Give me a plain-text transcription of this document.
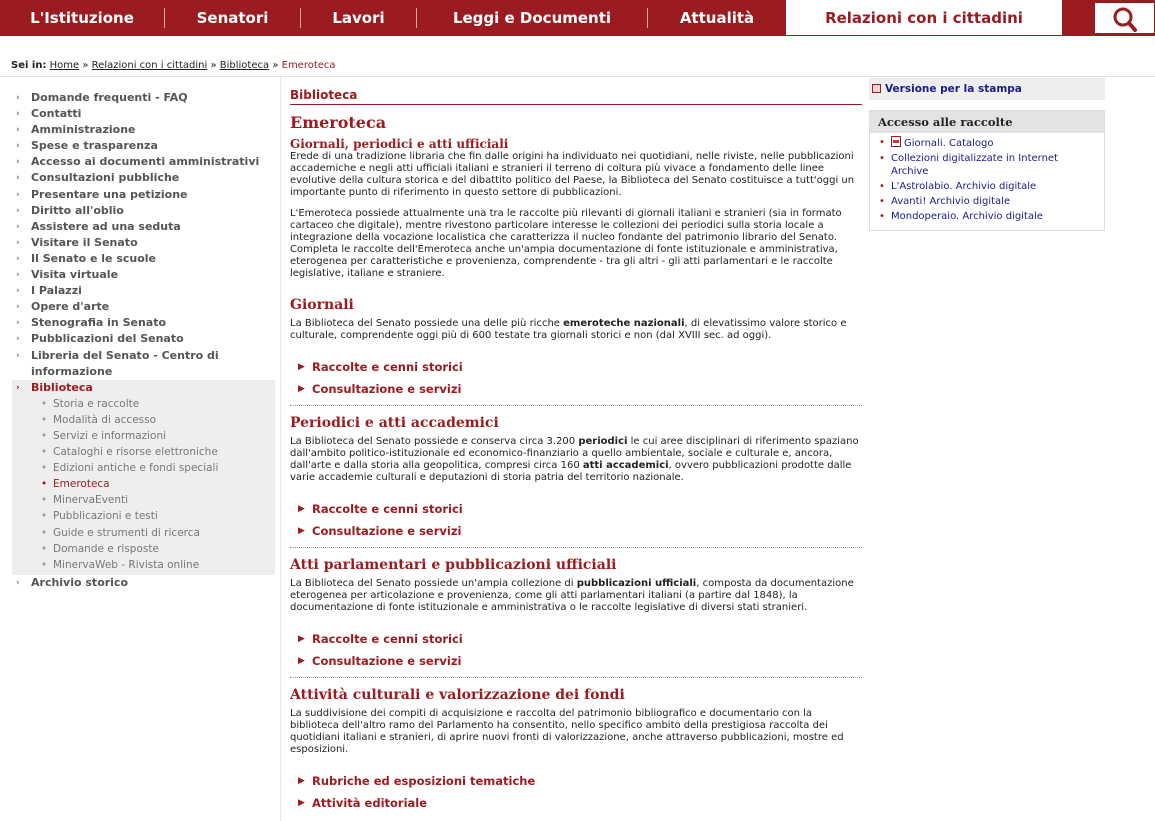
L'Istituzione	Senatori	Lavori	Leggi e Documenti	Attualità	Relazioni con i cittadini
Sei in: Home » Relazioni con i cittadini » Biblioteca » Emeroteca
› Domande frequenti - FAQ
› Contatti
› Amministrazione
› Spese e trasparenza
› Accesso ai documenti amministrativi
› Consultazioni pubbliche
› Presentare una petizione
› Diritto all'oblio
› Assistere ad una seduta
› Visitare il Senato
› Il Senato e le scuole
› Visita virtuale
› I Palazzi
› Opere d'arte
› Stenografia in Senato
› Pubblicazioni del Senato
› Libreria del Senato - Centro di informazione
› Biblioteca
• Storia e raccolte
• Modalità di accesso
• Servizi e informazioni
• Cataloghi e risorse elettroniche
• Edizioni antiche e fondi speciali
• Emeroteca
• MinervaEventi
• Pubblicazioni e testi
• Guide e strumenti di ricerca
• Domande e risposte
• MinervaWeb - Rivista online
› Archivio storico
Biblioteca
Emeroteca
Giornali, periodici e atti ufficiali

Erede di una tradizione libraria che fin dalle origini ha individuato nei quotidiani, nelle riviste, nelle pubblicazioni accademiche e negli atti ufficiali italiani e stranieri il terreno di coltura più vivace a fondamento delle linee evolutive della cultura storica e del dibattito politico del Paese, la Biblioteca del Senato costituisce a tutt'oggi un importante punto di riferimento in questo settore di pubblicazioni.

L'Emeroteca possiede attualmente una tra le raccolte più rilevanti di giornali italiani e stranieri (sia in formato cartaceo che digitale), mentre rivestono particolare interesse le collezioni dei periodici sulla storia locale a integrazione della vocazione localistica che caratterizza il nucleo fondante del patrimonio librario del Senato. Completa le raccolte dell'Emeroteca anche un'ampia documentazione di fonte istituzionale e amministrativa, eterogenea per caratteristiche e provenienza, comprendente - tra gli altri - gli atti parlamentari e le raccolte legislative, italiane e straniere.

Giornali

La Biblioteca del Senato possiede una delle più ricche emeroteche nazionali, di elevatissimo valore storico e culturale, comprendente oggi più di 600 testate tra giornali storici e non (dal XVIII sec. ad oggi).

▶ Raccolte e cenni storici
▶ Consultazione e servizi
Periodici e atti accademici

La Biblioteca del Senato possiede e conserva circa 3.200 periodici le cui aree disciplinari di riferimento spaziano dall'ambito politico-istituzionale ed economico-finanziario a quello ambientale, sociale e culturale e, ancora, dall'arte e dalla storia alla geopolitica, compresi circa 160 atti accademici, ovvero pubblicazioni prodotte dalle varie accademie culturali e deputazioni di storia patria del territorio nazionale.

▶ Raccolte e cenni storici
▶ Consultazione e servizi
Atti parlamentari e pubblicazioni ufficiali

La Biblioteca del Senato possiede un'ampia collezione di pubblicazioni ufficiali, composta da documentazione eterogenea per articolazione e provenienza, come gli atti parlamentari italiani (a partire dal 1848), la documentazione di fonte istituzionale e amministrativa o le raccolte legislative di diversi stati stranieri.

▶ Raccolte e cenni storici
▶ Consultazione e servizi
Attività culturali e valorizzazione dei fondi

La suddivisione dei compiti di acquisizione e raccolta del patrimonio bibliografico e documentario con la biblioteca dell'altro ramo del Parlamento ha consentito, nello specifico ambito della prestigiosa raccolta dei quotidiani italiani e stranieri, di aprire nuovi fronti di valorizzazione, anche attraverso pubblicazioni, mostre ed esposizioni.

▶ Rubriche ed esposizioni tematiche
▶ Attività editoriale
Versione per la stampa
Accesso alle raccolte
• Giornali. Catalogo
• Collezioni digitalizzate in Internet Archive
• L'Astrolabio. Archivio digitale
• Avanti! Archivio digitale
• Mondoperaio. Archivio digitale
